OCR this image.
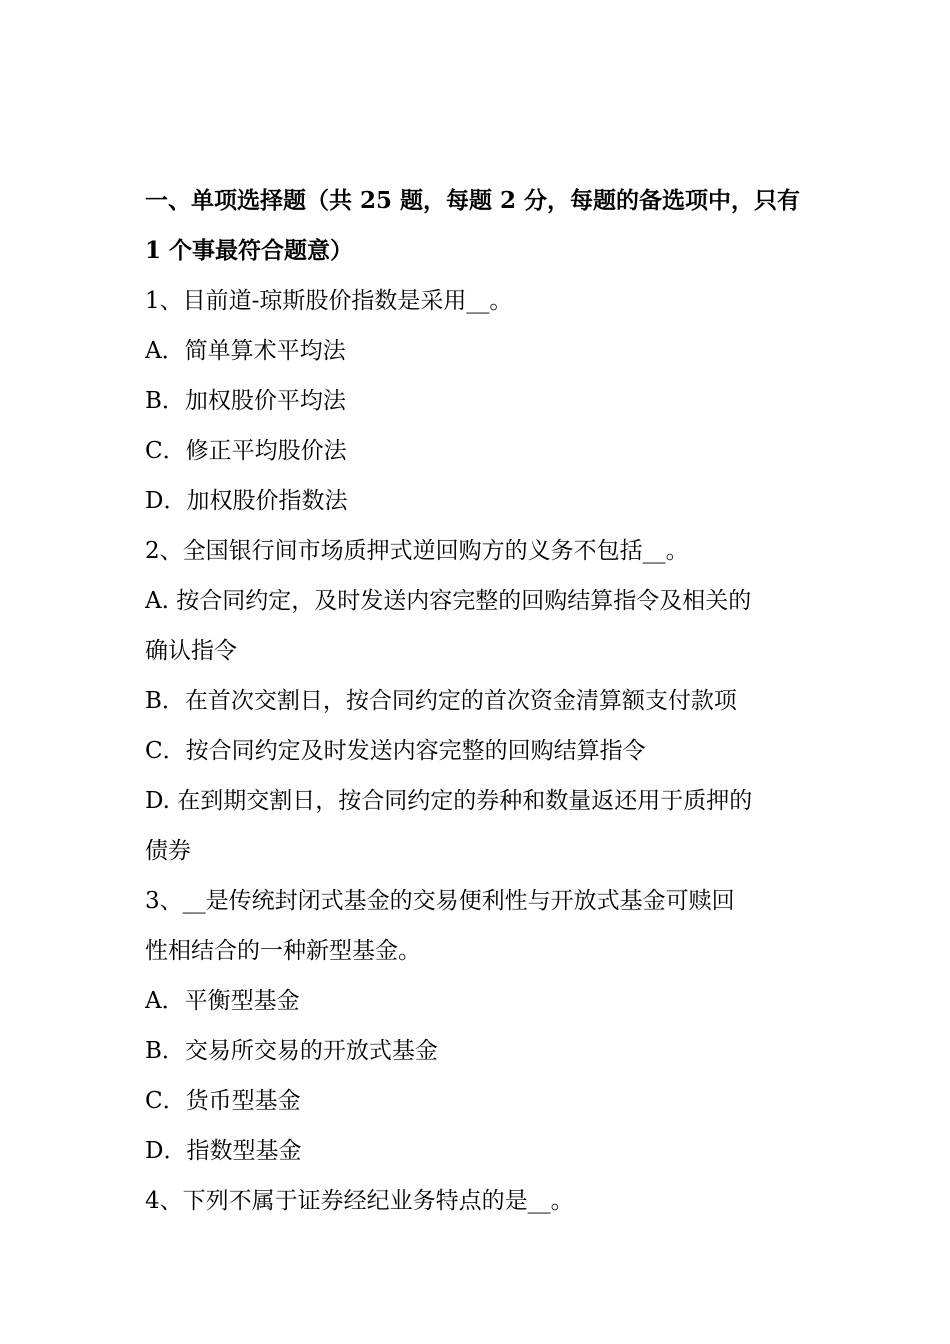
一、单项选择题（共 25 题，每题 2 分，每题的备选项中，只有
1 个事最符合题意）
1、目前道-琼斯股价指数是采用__。
A．简单算术平均法
B．加权股价平均法
C．修正平均股价法
D．加权股价指数法
2、全国银行间市场质押式逆回购方的义务不包括__。
A. 按合同约定，及时发送内容完整的回购结算指令及相关的
确认指令
B．在首次交割日，按合同约定的首次资金清算额支付款项
C．按合同约定及时发送内容完整的回购结算指令
D. 在到期交割日，按合同约定的券种和数量返还用于质押的
债券
3、__是传统封闭式基金的交易便利性与开放式基金可赎回
性相结合的一种新型基金。
A．平衡型基金
B．交易所交易的开放式基金
C．货币型基金
D．指数型基金
4、下列不属于证券经纪业务特点的是__。
